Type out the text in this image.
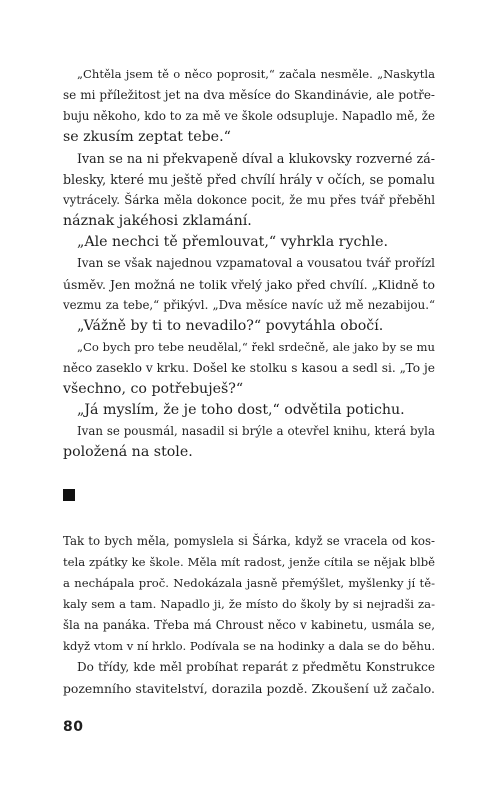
„Chtěla jsem tě o něco poprosit,“ začala nesměle. „Naskytla
se mi příležitost jet na dva měsíce do Skandinávie, ale potře-
buju někoho, kdo to za mě ve škole odsupluje. Napadlo mě, že
se zkusím zeptat tebe.“
Ivan se na ni překvapeně díval a klukovsky rozverné zá-
blesky, které mu ještě před chvílí hrály v očích, se pomalu
vytrácely. Šárka měla dokonce pocit, že mu přes tvář přeběhl
náznak jakéhosi zklamání.
„Ale nechci tě přemlouvat,“ vyhrkla rychle.
Ivan se však najednou vzpamatoval a vousatou tvář prořízl
úsměv. Jen možná ne tolik vřelý jako před chvílí. „Klidně to
vezmu za tebe,“ přikývl. „Dva měsíce navíc už mě nezabijou.“
„Vážně by ti to nevadilo?“ povytáhla obočí.
„Co bych pro tebe neudělal,“ řekl srdečně, ale jako by se mu
něco zaseklo v krku. Došel ke stolku s kasou a sedl si. „To je
všechno, co potřebuješ?“
„Já myslím, že je toho dost,“ odvětila potichu.
Ivan se pousmál, nasadil si brýle a otevřel knihu, která byla
položená na stole.
Tak to bych měla, pomyslela si Šárka, když se vracela od kos-
tela zpátky ke škole. Měla mít radost, jenže cítila se nějak blbě
a nechápala proč. Nedokázala jasně přemýšlet, myšlenky jí tě-
kaly sem a tam. Napadlo ji, že místo do školy by si nejradši za-
šla na panáka. Třeba má Chroust něco v kabinetu, usmála se,
když vtom v ní hrklo. Podívala se na hodinky a dala se do běhu.
Do třídy, kde měl probíhat reparát z předmětu Konstrukce
pozemního stavitelství, dorazila pozdě. Zkoušení už začalo.
80
